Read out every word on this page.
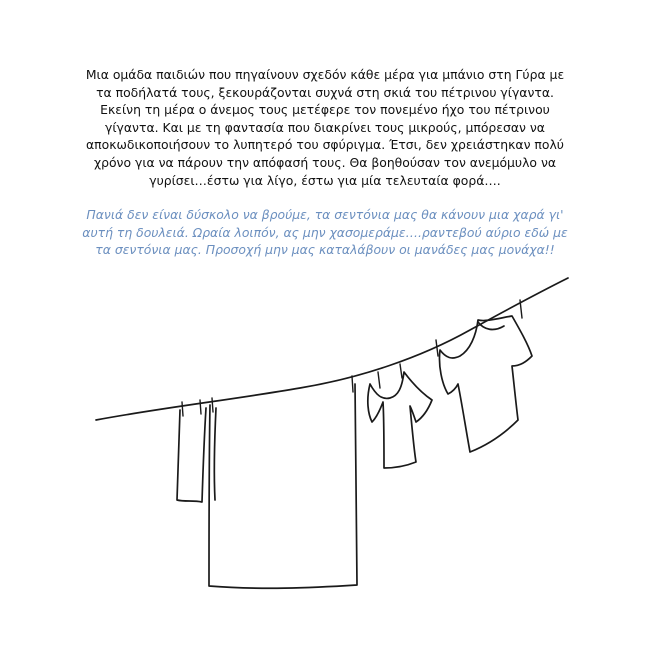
Μια ομάδα παιδιών που πηγαίνουν σχεδόν κάθε μέρα για μπάνιο στη Γύρα με
τα ποδήλατά τους, ξεκουράζονται συχνά στη σκιά του πέτρινου γίγαντα.
Εκείνη τη μέρα ο άνεμος τους μετέφερε τον πονεμένο ήχο του πέτρινου
γίγαντα. Και με τη φαντασία που διακρίνει τους μικρούς, μπόρεσαν να
αποκωδικοποιήσουν το λυπητερό του σφύριγμα. Έτσι, δεν χρειάστηκαν πολύ
χρόνο για να πάρουν την απόφασή τους. Θα βοηθούσαν τον ανεμόμυλο να
γυρίσει…έστω για λίγο, έστω για μία τελευταία φορά….

Πανιά δεν είναι δύσκολο να βρούμε, τα σεντόνια μας θα κάνουν μια χαρά γι'
αυτή τη δουλειά. Ωραία λοιπόν, ας μην χασομεράμε….ραντεβού αύριο εδώ με
τα σεντόνια μας. Προσοχή μην μας καταλάβουν οι μανάδες μας μονάχα!!
